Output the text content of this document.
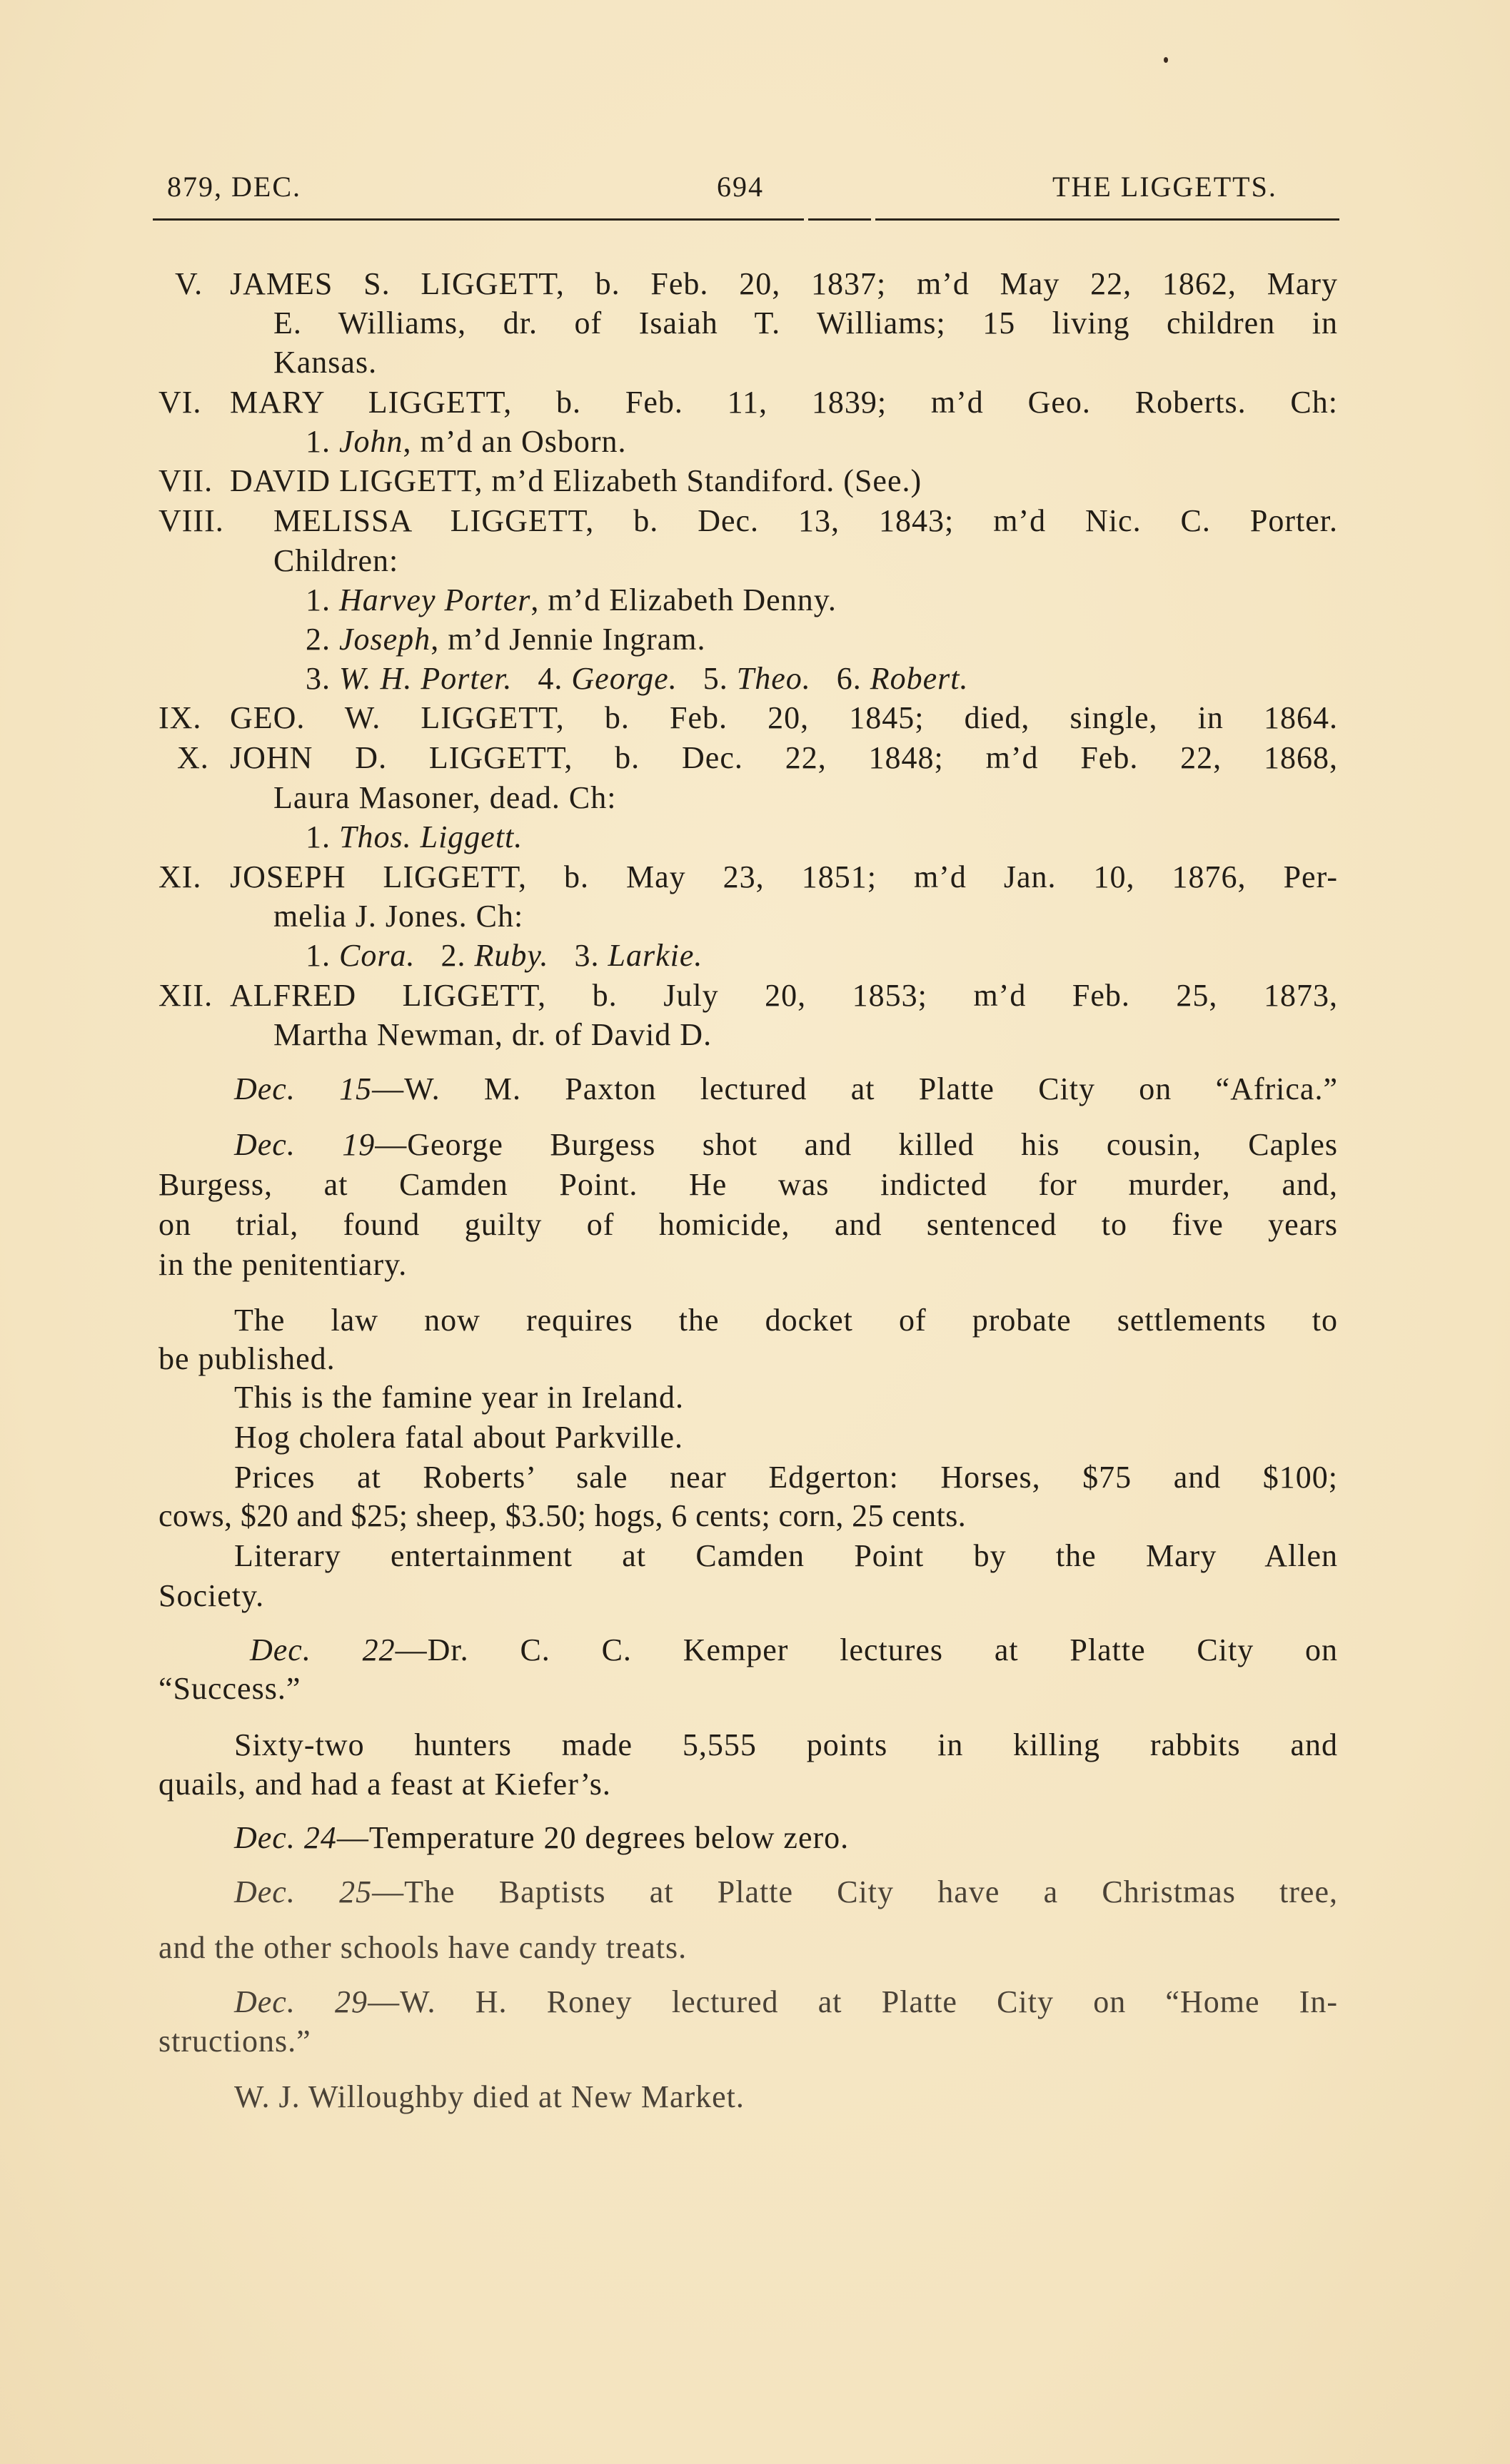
879, DEC.	694	THE LIGGETTS.
V. JAMES S. LIGGETT, b. Feb. 20, 1837; m’d May 22, 1862, Mary
E. Williams, dr. of Isaiah T. Williams; 15 living children in
Kansas.
VI. MARY LIGGETT, b. Feb. 11, 1839; m’d Geo. Roberts. Ch:
1. John, m’d an Osborn.
VII. DAVID LIGGETT, m’d Elizabeth Standiford. (See.)
VIII. MELISSA LIGGETT, b. Dec. 13, 1843; m’d Nic. C. Porter.
Children:
1. Harvey Porter, m’d Elizabeth Denny.
2. Joseph, m’d Jennie Ingram.
3. W. H. Porter. 4. George. 5. Theo. 6. Robert.
IX. GEO. W. LIGGETT, b. Feb. 20, 1845; died, single, in 1864.
X. JOHN D. LIGGETT, b. Dec. 22, 1848; m’d Feb. 22, 1868,
Laura Masoner, dead. Ch:
1. Thos. Liggett.
XI. JOSEPH LIGGETT, b. May 23, 1851; m’d Jan. 10, 1876, Per-
melia J. Jones. Ch:
1. Cora. 2. Ruby. 3. Larkie.
XII. ALFRED LIGGETT, b. July 20, 1853; m’d Feb. 25, 1873,
Martha Newman, dr. of David D.
Dec. 15—W. M. Paxton lectured at Platte City on “Africa.”
Dec. 19—George Burgess shot and killed his cousin, Caples
Burgess, at Camden Point. He was indicted for murder, and,
on trial, found guilty of homicide, and sentenced to five years
in the penitentiary.
The law now requires the docket of probate settlements to
be published.
This is the famine year in Ireland.
Hog cholera fatal about Parkville.
Prices at Roberts’ sale near Edgerton: Horses, $75 and $100;
cows, $20 and $25; sheep, $3.50; hogs, 6 cents; corn, 25 cents.
Literary entertainment at Camden Point by the Mary Allen
Society.
Dec. 22—Dr. C. C. Kemper lectures at Platte City on
“Success.”
Sixty-two hunters made 5,555 points in killing rabbits and
quails, and had a feast at Kiefer’s.
Dec. 24—Temperature 20 degrees below zero.
Dec. 25—The Baptists at Platte City have a Christmas tree,
and the other schools have candy treats.
Dec. 29—W. H. Roney lectured at Platte City on “Home In-
structions.”
W. J. Willoughby died at New Market.
